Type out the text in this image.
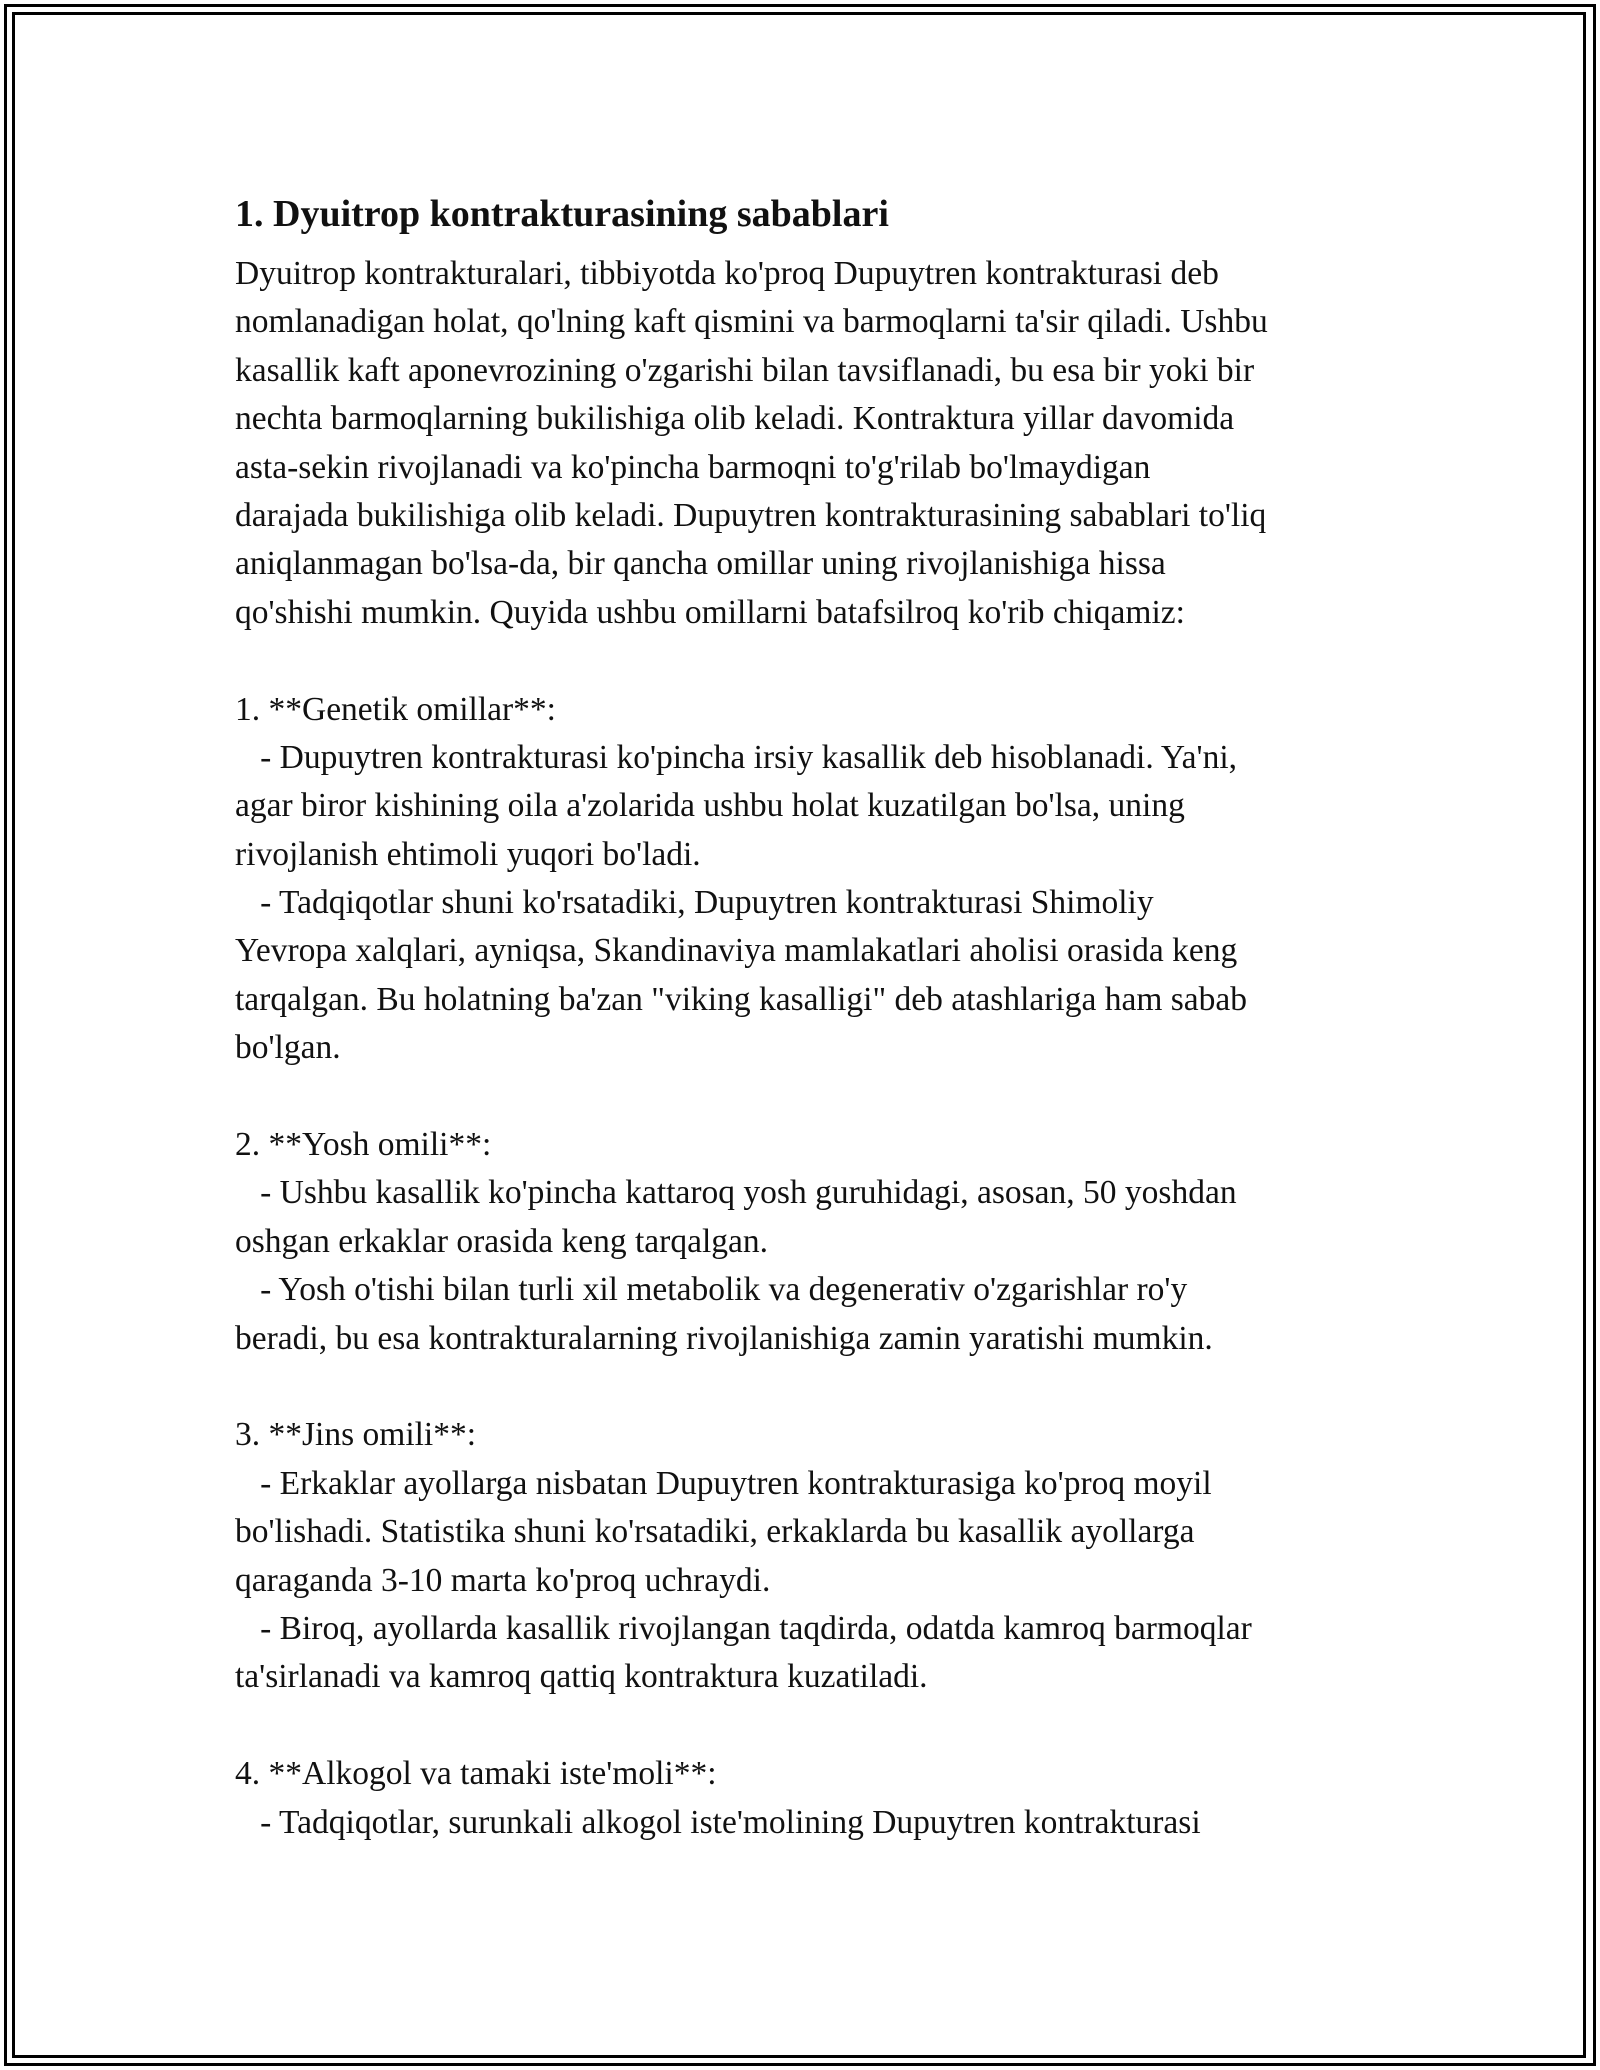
1. Dyuitrop kontrakturasining sabablari
Dyuitrop kontrakturalari, tibbiyotda ko'proq Dupuytren kontrakturasi deb
nomlanadigan holat, qo'lning kaft qismini va barmoqlarni ta'sir qiladi. Ushbu
kasallik kaft aponevrozining o'zgarishi bilan tavsiflanadi, bu esa bir yoki bir
nechta barmoqlarning bukilishiga olib keladi. Kontraktura yillar davomida
asta-sekin rivojlanadi va ko'pincha barmoqni to'g'rilab bo'lmaydigan
darajada bukilishiga olib keladi. Dupuytren kontrakturasining sabablari to'liq
aniqlanmagan bo'lsa-da, bir qancha omillar uning rivojlanishiga hissa
qo'shishi mumkin. Quyida ushbu omillarni batafsilroq ko'rib chiqamiz:
1. **Genetik omillar**:
- Dupuytren kontrakturasi ko'pincha irsiy kasallik deb hisoblanadi. Ya'ni,
agar biror kishining oila a'zolarida ushbu holat kuzatilgan bo'lsa, uning
rivojlanish ehtimoli yuqori bo'ladi.
- Tadqiqotlar shuni ko'rsatadiki, Dupuytren kontrakturasi Shimoliy
Yevropa xalqlari, ayniqsa, Skandinaviya mamlakatlari aholisi orasida keng
tarqalgan. Bu holatning ba'zan "viking kasalligi" deb atashlariga ham sabab
bo'lgan.
2. **Yosh omili**:
- Ushbu kasallik ko'pincha kattaroq yosh guruhidagi, asosan, 50 yoshdan
oshgan erkaklar orasida keng tarqalgan.
- Yosh o'tishi bilan turli xil metabolik va degenerativ o'zgarishlar ro'y
beradi, bu esa kontrakturalarning rivojlanishiga zamin yaratishi mumkin.
3. **Jins omili**:
- Erkaklar ayollarga nisbatan Dupuytren kontrakturasiga ko'proq moyil
bo'lishadi. Statistika shuni ko'rsatadiki, erkaklarda bu kasallik ayollarga
qaraganda 3-10 marta ko'proq uchraydi.
- Biroq, ayollarda kasallik rivojlangan taqdirda, odatda kamroq barmoqlar
ta'sirlanadi va kamroq qattiq kontraktura kuzatiladi.
4. **Alkogol va tamaki iste'moli**:
- Tadqiqotlar, surunkali alkogol iste'molining Dupuytren kontrakturasi
